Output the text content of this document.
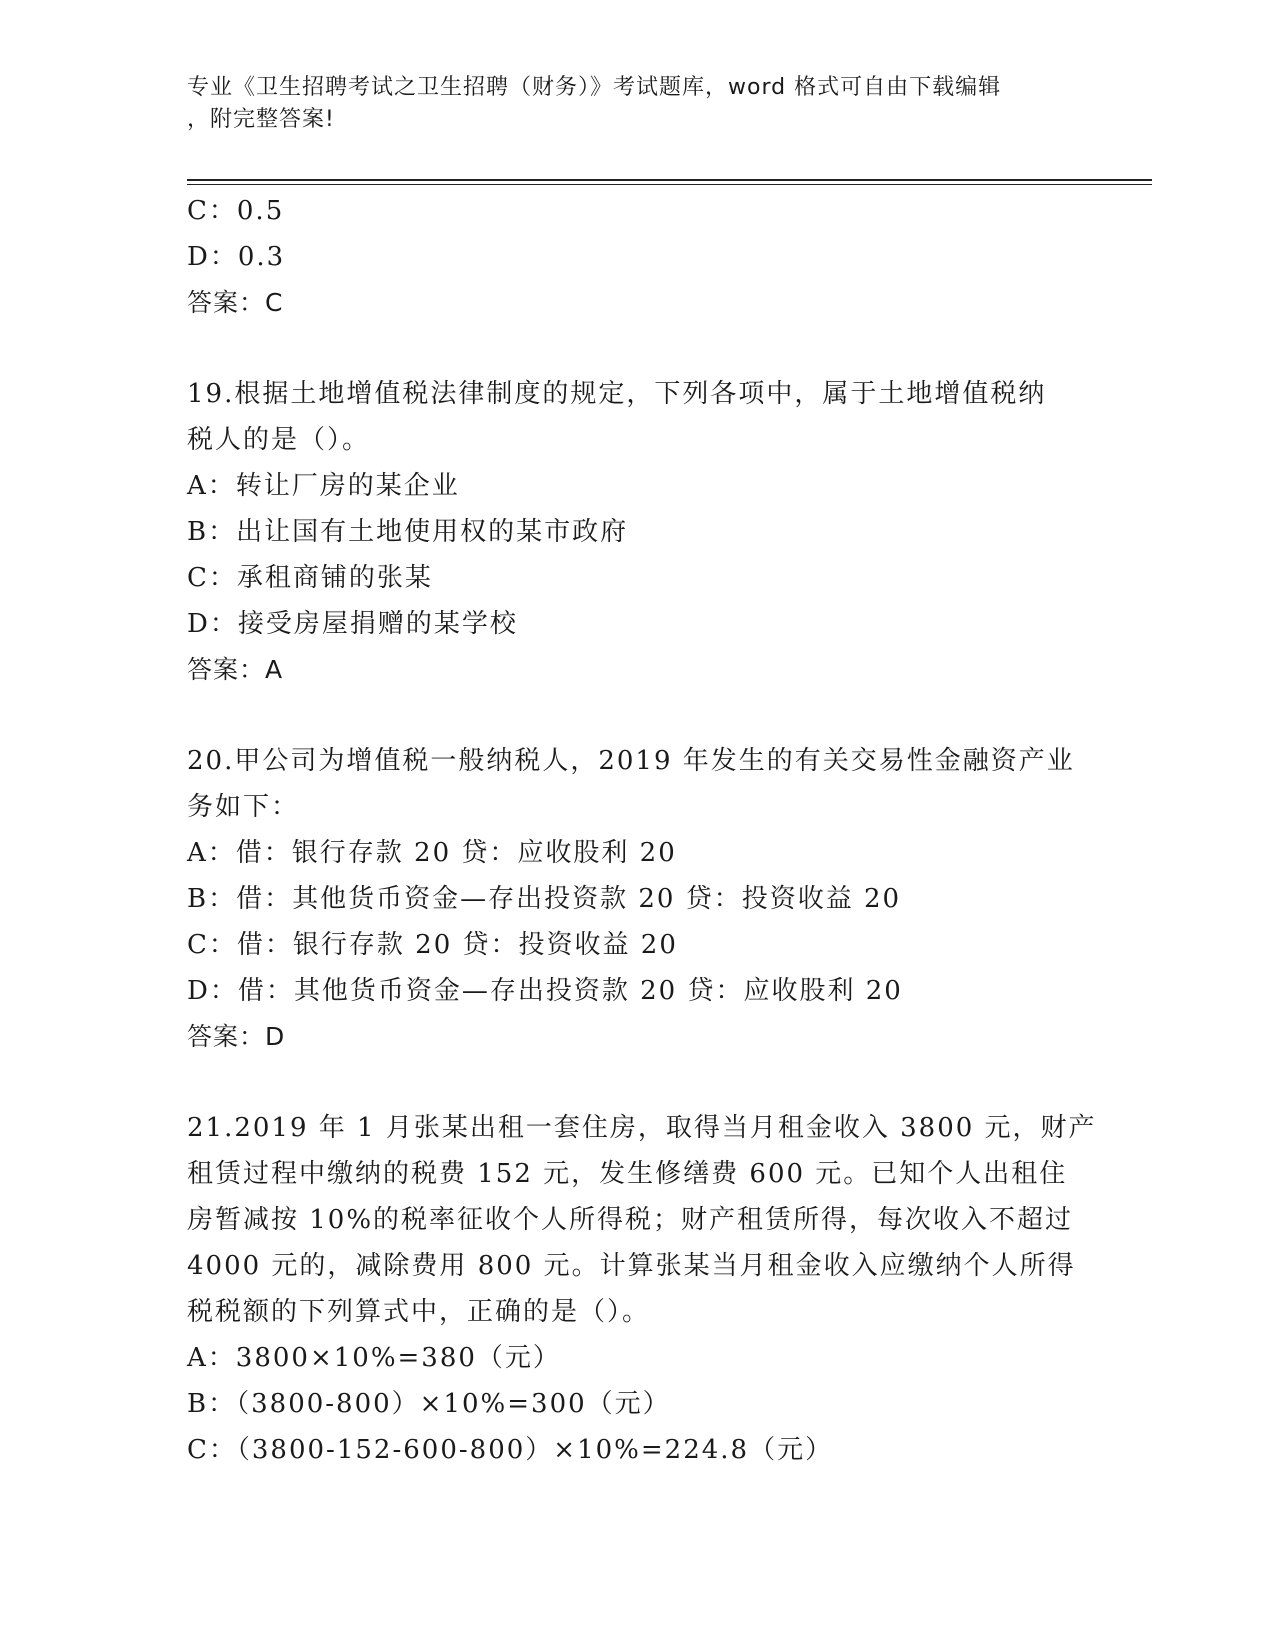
专业《卫生招聘考试之卫生招聘（财务）》考试题库，word 格式可自由下载编辑
，附完整答案!
C：0.5
D：0.3
答案：C
19.根据土地增值税法律制度的规定，下列各项中，属于土地增值税纳
税人的是（）。
A：转让厂房的某企业
B：出让国有土地使用权的某市政府
C：承租商铺的张某
D：接受房屋捐赠的某学校
答案：A
20.甲公司为增值税一般纳税人，2019 年发生的有关交易性金融资产业
务如下：
A：借：银行存款 20 贷：应收股利 20
B：借：其他货币资金—存出投资款 20 贷：投资收益 20
C：借：银行存款 20 贷：投资收益 20
D：借：其他货币资金—存出投资款 20 贷：应收股利 20
答案：D
21.2019 年 1 月张某出租一套住房，取得当月租金收入 3800 元，财产
租赁过程中缴纳的税费 152 元，发生修缮费 600 元。已知个人出租住
房暂减按 10%的税率征收个人所得税；财产租赁所得，每次收入不超过
4000 元的，减除费用 800 元。计算张某当月租金收入应缴纳个人所得
税税额的下列算式中，正确的是（）。
A：3800×10%=380（元）
B：（3800-800）×10%=300（元）
C：（3800-152-600-800）×10%=224.8（元）
